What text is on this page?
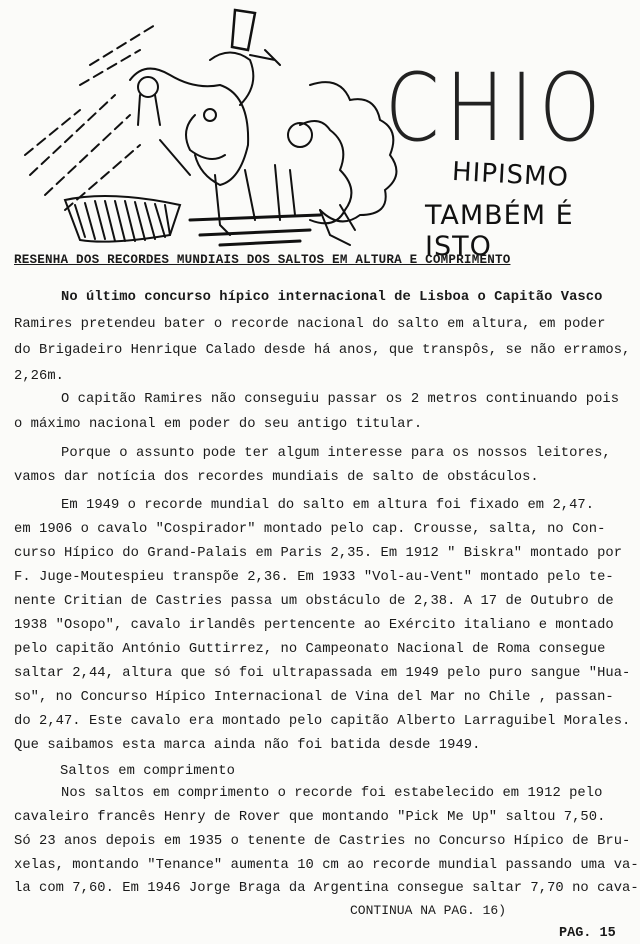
CHIO
HIPISMO
TAMBÉM É ISTO
RESENHA DOS RECORDES MUNDIAIS DOS SALTOS EM ALTURA E COMPRIMENTO
No último concurso hípico internacional de Lisboa o Capitão Vasco
Ramires pretendeu bater o recorde nacional do salto em altura, em poder
do Brigadeiro Henrique Calado desde há anos, que transpôs, se não erramos,
2,26m.
O capitão Ramires não conseguiu passar os 2 metros continuando pois
o máximo nacional em poder do seu antigo titular.
Porque o assunto pode ter algum interesse para os nossos leitores,
vamos dar notícia dos recordes mundiais de salto de obstáculos.
Em 1949 o recorde mundial do salto em altura foi fixado em 2,47.
em 1906 o cavalo "Cospirador" montado pelo cap. Crousse, salta, no Con-
curso Hípico do Grand-Palais em Paris 2,35. Em 1912 " Biskra" montado por
F. Juge-Moutespieu transpõe 2,36. Em 1933 "Vol-au-Vent" montado pelo te-
nente Critian de Castries passa um obstáculo de 2,38. A 17 de Outubro de
1938 "Osopo", cavalo irlandês pertencente ao Exército italiano e montado
pelo capitão António Guttirrez, no Campeonato Nacional de Roma consegue
saltar 2,44, altura que só foi ultrapassada em 1949 pelo puro sangue "Hua-
so", no Concurso Hípico Internacional de Vina del Mar no Chile , passan-
do 2,47. Este cavalo era montado pelo capitão Alberto Larraguibel Morales.
Que saibamos esta marca ainda não foi batida desde 1949.
Saltos em comprimento
Nos saltos em comprimento o recorde foi estabelecido em 1912 pelo
cavaleiro francês Henry de Rover que montando "Pick Me Up" saltou 7,50.
Só 23 anos depois em 1935 o tenente de Castries no Concurso Hípico de Bru-
xelas, montando "Tenance" aumenta 10 cm ao recorde mundial passando uma va-
la com 7,60. Em 1946 Jorge Braga da Argentina consegue saltar 7,70 no cava-
CONTINUA NA PAG. 16)
PAG. 15
